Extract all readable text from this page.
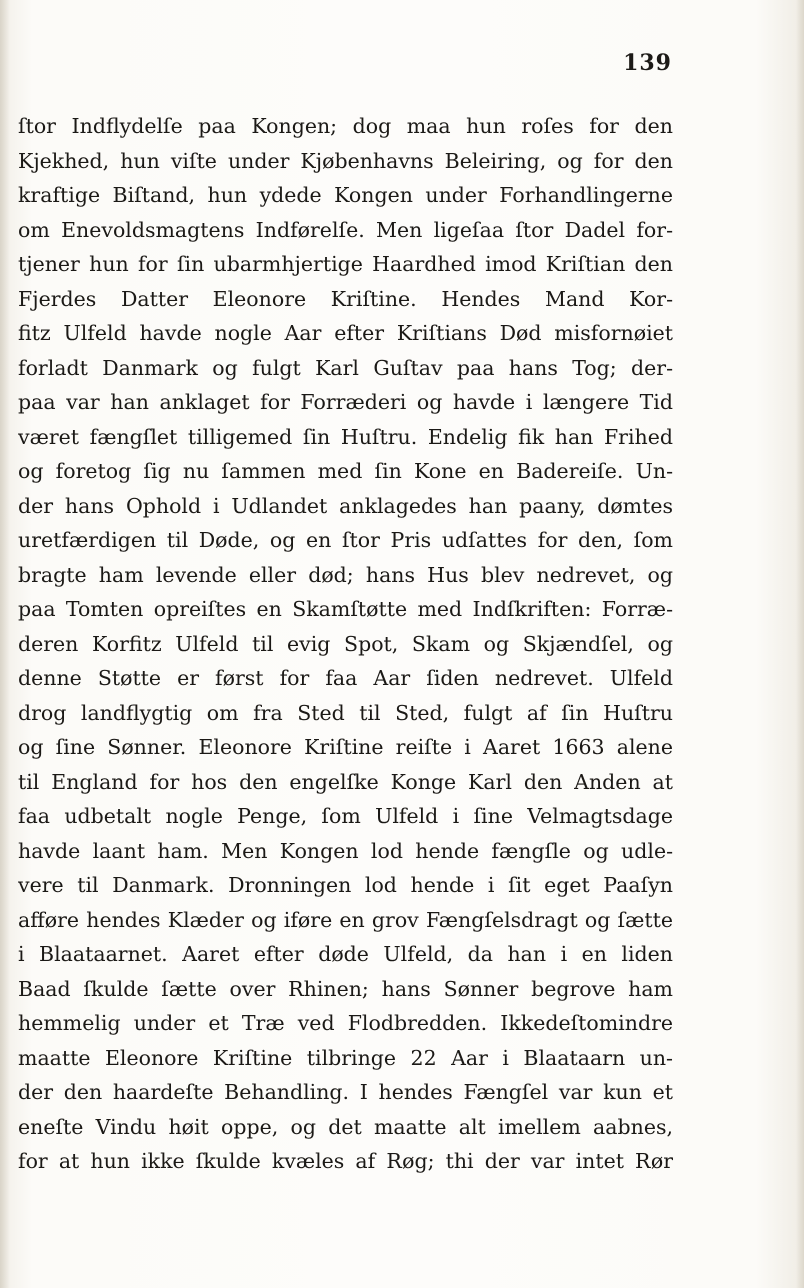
139
ſtor Indflydelſe paa Kongen; dog maa hun roſes for den
Kjekhed, hun viſte under Kjøbenhavns Beleiring, og for den
kraftige Biſtand, hun ydede Kongen under Forhandlingerne
om Enevoldsmagtens Indførelſe. Men ligeſaa ſtor Dadel for-
tjener hun for ſin ubarmhjertige Haardhed imod Kriſtian den
Fjerdes Datter Eleonore Kriſtine. Hendes Mand Kor-
fitz Ulfeld havde nogle Aar efter Kriſtians Død misfornøiet
forladt Danmark og fulgt Karl Guſtav paa hans Tog; der-
paa var han anklaget for Forræderi og havde i længere Tid
været fængſlet tilligemed ſin Huſtru. Endelig fik han Frihed
og foretog ſig nu ſammen med ſin Kone en Badereiſe. Un-
der hans Ophold i Udlandet anklagedes han paany, dømtes
uretfærdigen til Døde, og en ſtor Pris udſattes for den, ſom
bragte ham levende eller død; hans Hus blev nedrevet, og
paa Tomten opreiſtes en Skamſtøtte med Indſkriften: Forræ-
deren Korfitz Ulfeld til evig Spot, Skam og Skjændſel, og
denne Støtte er først for faa Aar ſiden nedrevet. Ulfeld
drog landflygtig om fra Sted til Sted, fulgt af ſin Huſtru
og ſine Sønner. Eleonore Kriſtine reiſte i Aaret 1663 alene
til England for hos den engelſke Konge Karl den Anden at
faa udbetalt nogle Penge, ſom Ulfeld i ſine Velmagtsdage
havde laant ham. Men Kongen lod hende fængſle og udle-
vere til Danmark. Dronningen lod hende i ſit eget Paaſyn
afføre hendes Klæder og iføre en grov Fængſelsdragt og ſætte
i Blaataarnet. Aaret efter døde Ulfeld, da han i en liden
Baad ſkulde ſætte over Rhinen; hans Sønner begrove ham
hemmelig under et Træ ved Flodbredden. Ikkedeſtomindre
maatte Eleonore Kriſtine tilbringe 22 Aar i Blaataarn un-
der den haardeſte Behandling. I hendes Fængſel var kun et
eneſte Vindu høit oppe, og det maatte alt imellem aabnes,
for at hun ikke ſkulde kvæles af Røg; thi der var intet Rør
